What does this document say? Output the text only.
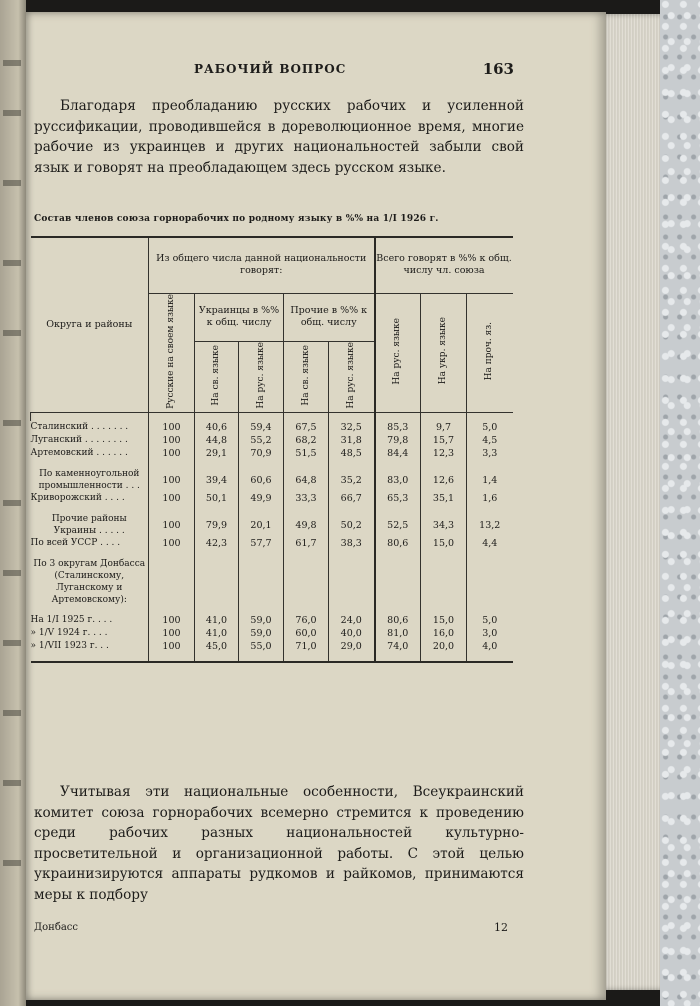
РАБОЧИЙ ВОПРОС	163

Благодаря преобладанию русских рабочих и усиленной руссификации, проводившейся в дореволюционное время, многие рабочие из украинцев и других национальностей забыли свой язык и говорят на преобладающем здесь русском языке.

Состав членов союза горнорабочих по родному языку в %% на 1/I 1926 г.
Округа и районы	Из общего числа данной национальности говорят:					Всего говорят в %% к общ. числу чл. союза		
	Русские на своем языке	Украинцы в %% к общ. числу		Прочие в %% к общ. числу		На рус. языке	На укр. языке	На проч. яз.
		На св. языке	На рус. языке	На св. языке	На рус. языке			

Сталинский . . . . . . .	100	40,6	59,4	67,5	32,5	85,3	9,7	5,0
Луганский . . . . . . . .	100	44,8	55,2	68,2	31,8	79,8	15,7	4,5
Артемовский . . . . . .	100	29,1	70,9	51,5	48,5	84,4	12,3	3,3

По каменноугольной промышленности . . .	100	39,4	60,6	64,8	35,2	83,0	12,6	1,4
Криворожский . . . .	100	50,1	49,9	33,3	66,7	65,3	35,1	1,6

Прочие районы Украины . . . . .	100	79,9	20,1	49,8	50,2	52,5	34,3	13,2
По всей УССР . . . .	100	42,3	57,7	61,7	38,3	80,6	15,0	4,4

По 3 округам Донбасса (Сталинскому, Луганскому и Артемовскому):								

На 1/I 1925 г. . . .	100	41,0	59,0	76,0	24,0	80,6	15,0	5,0
» 1/V 1924 г. . . .	100	41,0	59,0	60,0	40,0	81,0	16,0	3,0
» 1/VII 1923 г. . .	100	45,0	55,0	71,0	29,0	74,0	20,0	4,0

Учитывая эти национальные особенности, Всеукраинский комитет союза горнорабочих всемерно стремится к проведению среди рабочих разных национальностей культурно-просветительной и организационной работы. С этой целью украинизируются аппараты рудкомов и райкомов, принимаются меры к подбору

Донбасс	12
